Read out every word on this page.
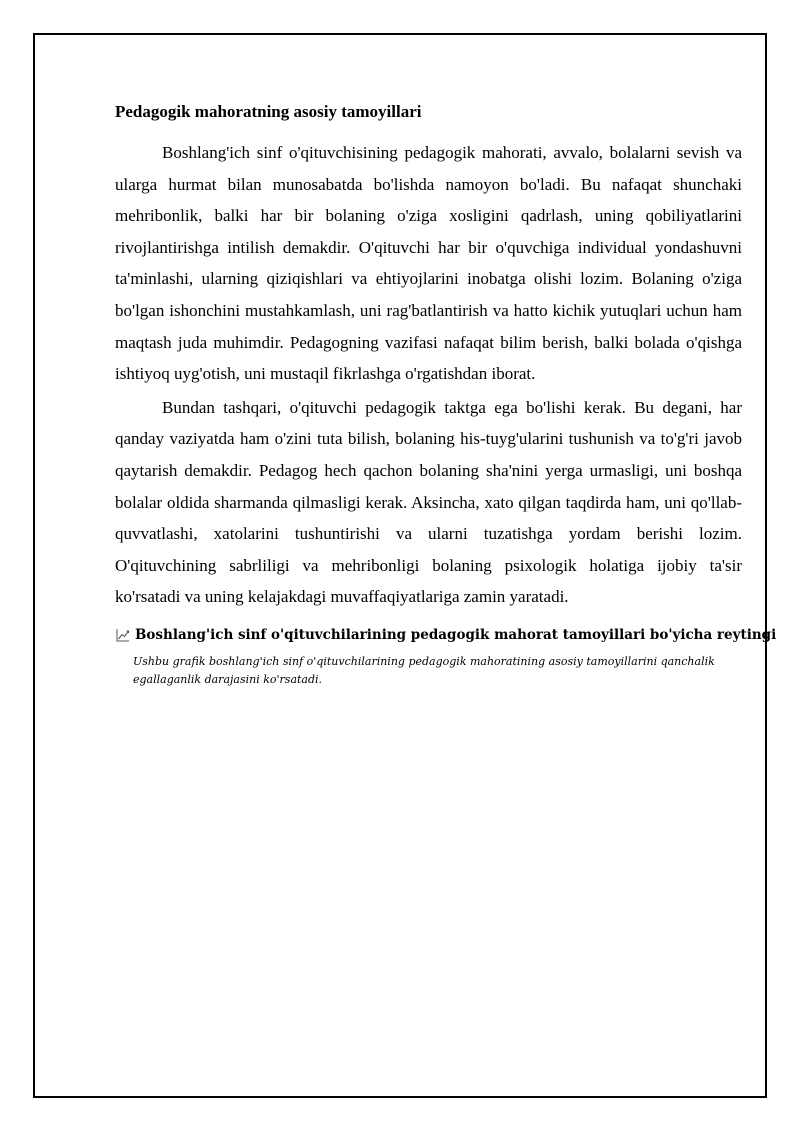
Pedagogik mahoratning asosiy tamoyillari

Boshlang'ich sinf o'qituvchisining pedagogik mahorati, avvalo, bolalarni sevish va ularga hurmat bilan munosabatda bo'lishda namoyon bo'ladi. Bu nafaqat shunchaki mehribonlik, balki har bir bolaning o'ziga xosligini qadrlash, uning qobiliyatlarini rivojlantirishga intilish demakdir. O'qituvchi har bir o'quvchiga individual yondashuvni ta'minlashi, ularning qiziqishlari va ehtiyojlarini inobatga olishi lozim. Bolaning o'ziga bo'lgan ishonchini mustahkamlash, uni rag'batlantirish va hatto kichik yutuqlari uchun ham maqtash juda muhimdir. Pedagogning vazifasi nafaqat bilim berish, balki bolada o'qishga ishtiyoq uyg'otish, uni mustaqil fikrlashga o'rgatishdan iborat.

Bundan tashqari, o'qituvchi pedagogik taktga ega bo'lishi kerak. Bu degani, har qanday vaziyatda ham o'zini tuta bilish, bolaning his-tuyg'ularini tushunish va to'g'ri javob qaytarish demakdir. Pedagog hech qachon bolaning sha'nini yerga urmasligi, uni boshqa bolalar oldida sharmanda qilmasligi kerak. Aksincha, xato qilgan taqdirda ham, uni qo'llab-quvvatlashi, xatolarini tushuntirishi va ularni tuzatishga yordam berishi lozim. O'qituvchining sabrliligi va mehribonligi bolaning psixologik holatiga ijobiy ta'sir ko'rsatadi va uning kelajakdagi muvaffaqiyatlariga zamin yaratadi.

Boshlang'ich sinf o'qituvchilarining pedagogik mahorat tamoyillari bo'yicha reytingi
Ushbu grafik boshlang'ich sinf o'qituvchilarining pedagogik mahoratining asosiy tamoyillarini qanchalik egallaganlik darajasini ko'rsatadi.
